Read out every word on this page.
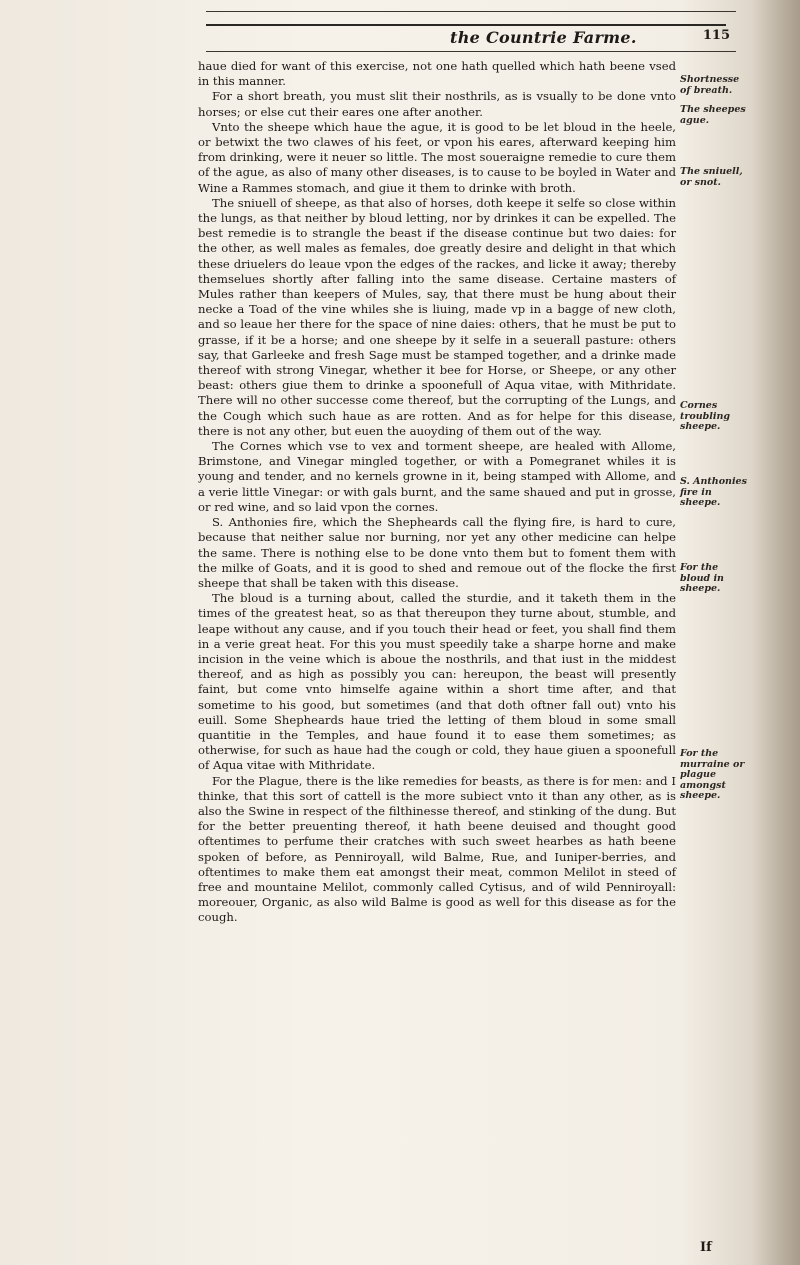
the Countrie Farme.	115

haue died for want of this exercise, not one hath quelled which hath beene vsed in this manner.

For a short breath, you must slit their nosthrils, as is vsually to be done vnto horses; or else cut their eares one after another.

Vnto the sheepe which haue the ague, it is good to be let bloud in the heele, or betwixt the two clawes of his feet, or vpon his eares, afterward keeping him from drinking, were it neuer so little. The most soueraigne remedie to cure them of the ague, as also of many other diseases, is to cause to be boyled in Water and Wine a Rammes stomach, and giue it them to drinke with broth.

The sniuell of sheepe, as that also of horses, doth keepe it selfe so close within the lungs, as that neither by bloud letting, nor by drinkes it can be expelled. The best remedie is to strangle the beast if the disease continue but two daies: for the other, as well males as females, doe greatly desire and delight in that which these driuelers do leaue vpon the edges of the rackes, and licke it away; thereby themselues shortly after falling into the same disease. Certaine masters of Mules rather than keepers of Mules, say, that there must be hung about their necke a Toad of the vine whiles she is liuing, made vp in a bagge of new cloth, and so leaue her there for the space of nine daies: others, that he must be put to grasse, if it be a horse; and one sheepe by it selfe in a seuerall pasture: others say, that Garleeke and fresh Sage must be stamped together, and a drinke made thereof with strong Vinegar, whether it bee for Horse, or Sheepe, or any other beast: others giue them to drinke a spoonefull of Aqua vitae, with Mithridate. There will no other successe come thereof, but the corrupting of the Lungs, and the Cough which such haue as are rotten. And as for helpe for this disease, there is not any other, but euen the auoyding of them out of the way.

The Cornes which vse to vex and torment sheepe, are healed with Allome, Brimstone, and Vinegar mingled together, or with a Pomegranet whiles it is young and tender, and no kernels growne in it, being stamped with Allome, and a verie little Vinegar: or with gals burnt, and the same shaued and put in grosse, or red wine, and so laid vpon the cornes.

S. Anthonies fire, which the Shepheards call the flying fire, is hard to cure, because that neither salue nor burning, nor yet any other medicine can helpe the same. There is nothing else to be done vnto them but to foment them with the milke of Goats, and it is good to shed and remoue out of the flocke the first sheepe that shall be taken with this disease.

The bloud is a turning about, called the sturdie, and it taketh them in the times of the greatest heat, so as that thereupon they turne about, stumble, and leape without any cause, and if you touch their head or feet, you shall find them in a verie great heat. For this you must speedily take a sharpe horne and make incision in the veine which is aboue the nosthrils, and that iust in the middest thereof, and as high as possibly you can: hereupon, the beast will presently faint, but come vnto himselfe againe within a short time after, and that sometime to his good, but sometimes (and that doth oftner fall out) vnto his euill. Some Shepheards haue tried the letting of them bloud in some small quantitie in the Temples, and haue found it to ease them sometimes; as otherwise, for such as haue had the cough or cold, they haue giuen a spoonefull of Aqua vitae with Mithridate.

For the Plague, there is the like remedies for beasts, as there is for men: and I thinke, that this sort of cattell is the more subiect vnto it than any other, as is also the Swine in respect of the filthinesse thereof, and stinking of the dung. But for the better preuenting thereof, it hath beene deuised and thought good oftentimes to perfume their cratches with such sweet hearbes as hath beene spoken of before, as Penniroyall, wild Balme, Rue, and Iuniper-berries, and oftentimes to make them eat amongst their meat, common Melilot in steed of free and mountaine Melilot, commonly called Cytisus, and of wild Penniroyall: moreouer, Organic, as also wild Balme is good as well for this disease as for the cough.

Shortnesse of breath.
The sheepes ague.
The sniuell, or snot.
Cornes troubling sheepe.
S. Anthonies fire in sheepe.
For the bloud in sheepe.
For the murraine or plague amongst sheepe.
If
